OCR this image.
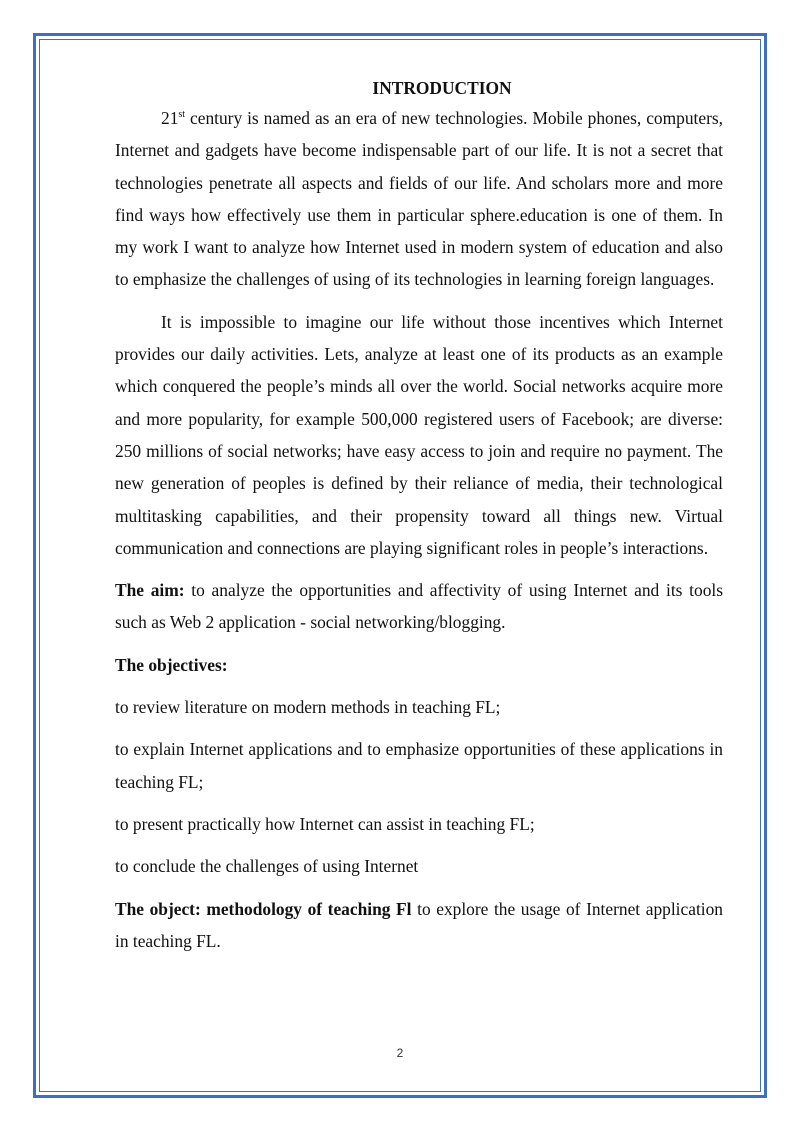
INTRODUCTION

21st century is named as an era of new technologies. Mobile phones, computers, Internet and gadgets have become indispensable part of our life. It is not a secret that technologies penetrate all aspects and fields of our life. And scholars more and more find ways how effectively use them in particular sphere.education is one of them. In my work I want to analyze how Internet used in modern system of education and also to emphasize the challenges of using of its technologies in learning foreign languages.

It is impossible to imagine our life without those incentives which Internet provides our daily activities. Lets, analyze at least one of its products as an example which conquered the people’s minds all over the world. Social networks acquire more and more popularity, for example 500,000 registered users of Facebook; are diverse: 250 millions of social networks; have easy access to join and require no payment. The new generation of peoples is defined by their reliance of media, their technological multitasking capabilities, and their propensity toward all things new. Virtual communication and connections are playing significant roles in people’s interactions.

The aim: to analyze the opportunities and affectivity of using Internet and its tools such as Web 2 application - social networking/blogging.

The objectives:

to review literature on modern methods in teaching FL;

to explain Internet applications and to emphasize opportunities of these applications in teaching FL;

to present practically how Internet can assist in teaching FL;

to conclude the challenges of using Internet

The object: methodology of teaching Fl to explore the usage of Internet application in teaching FL.

2
